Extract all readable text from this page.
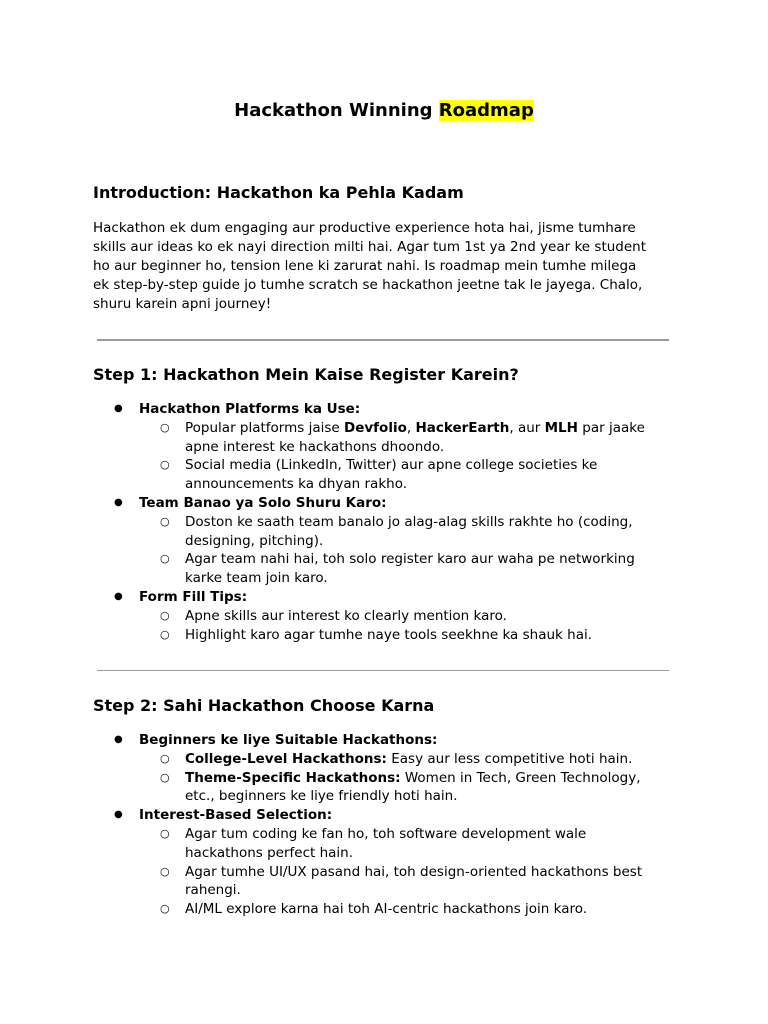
Hackathon Winning Roadmap
Introduction: Hackathon ka Pehla Kadam
Hackathon ek dum engaging aur productive experience hota hai, jisme tumhare
skills aur ideas ko ek nayi direction milti hai. Agar tum 1st ya 2nd year ke student
ho aur beginner ho, tension lene ki zarurat nahi. Is roadmap mein tumhe milega
ek step-by-step guide jo tumhe scratch se hackathon jeetne tak le jayega. Chalo,
shuru karein apni journey!
Step 1: Hackathon Mein Kaise Register Karein?
● Hackathon Platforms ka Use:
○ Popular platforms jaise Devfolio, HackerEarth, aur MLH par jaake
apne interest ke hackathons dhoondo.
○ Social media (LinkedIn, Twitter) aur apne college societies ke
announcements ka dhyan rakho.
● Team Banao ya Solo Shuru Karo:
○ Doston ke saath team banalo jo alag-alag skills rakhte ho (coding,
designing, pitching).
○ Agar team nahi hai, toh solo register karo aur waha pe networking
karke team join karo.
● Form Fill Tips:
○ Apne skills aur interest ko clearly mention karo.
○ Highlight karo agar tumhe naye tools seekhne ka shauk hai.
Step 2: Sahi Hackathon Choose Karna
● Beginners ke liye Suitable Hackathons:
○ College-Level Hackathons: Easy aur less competitive hoti hain.
○ Theme-Specific Hackathons: Women in Tech, Green Technology,
etc., beginners ke liye friendly hoti hain.
● Interest-Based Selection:
○ Agar tum coding ke fan ho, toh software development wale
hackathons perfect hain.
○ Agar tumhe UI/UX pasand hai, toh design-oriented hackathons best
rahengi.
○ AI/ML explore karna hai toh AI-centric hackathons join karo.
